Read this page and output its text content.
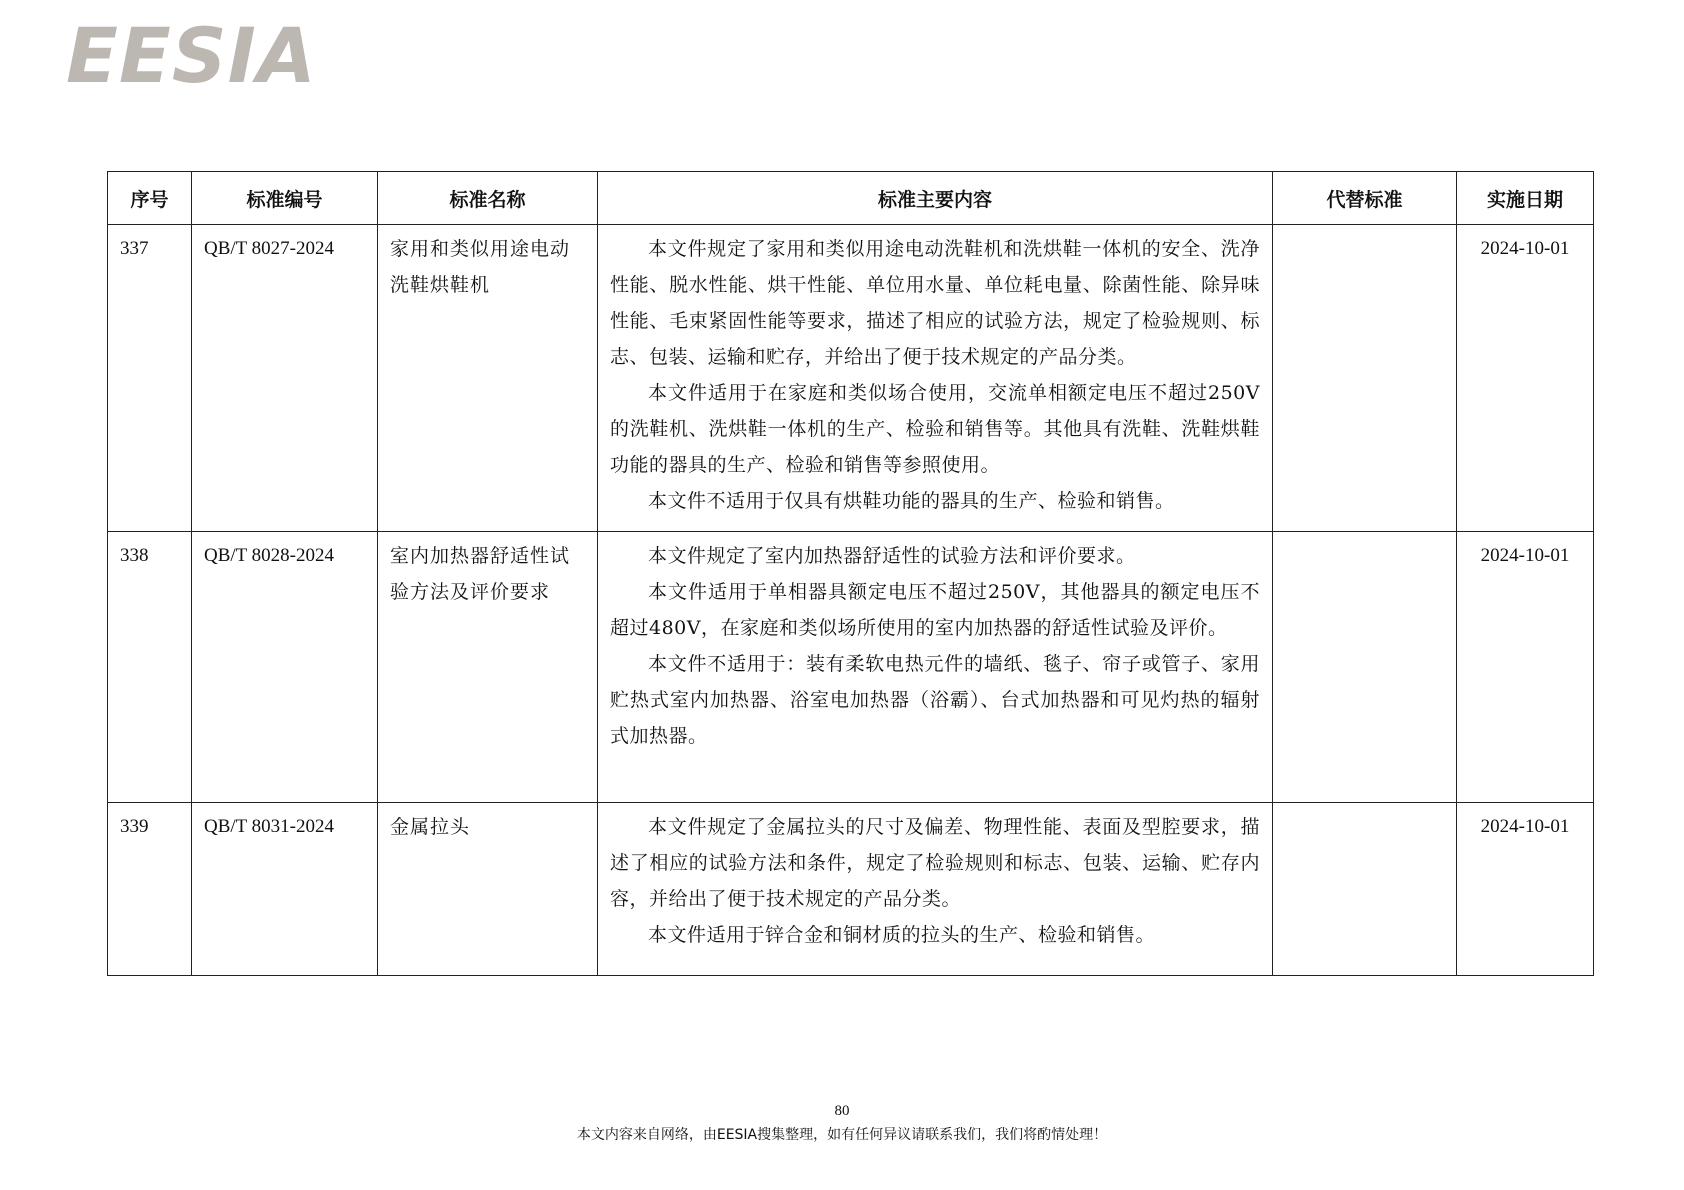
EESIA
序号	标准编号	标准名称	标准主要内容	代替标准	实施日期
337	QB/T 8027-2024	家用和类似用途电动洗鞋烘鞋机	本文件规定了家用和类似用途电动洗鞋机和洗烘鞋一体机的安全、洗净性能、脱水性能、烘干性能、单位用水量、单位耗电量、除菌性能、除异味性能、毛束紧固性能等要求，描述了相应的试验方法，规定了检验规则、标志、包装、运输和贮存，并给出了便于技术规定的产品分类。

本文件适用于在家庭和类似场合使用，交流单相额定电压不超过250V的洗鞋机、洗烘鞋一体机的生产、检验和销售等。其他具有洗鞋、洗鞋烘鞋功能的器具的生产、检验和销售等参照使用。

本文件不适用于仅具有烘鞋功能的器具的生产、检验和销售。		2024-10-01
338	QB/T 8028-2024	室内加热器舒适性试验方法及评价要求	本文件规定了室内加热器舒适性的试验方法和评价要求。

本文件适用于单相器具额定电压不超过250V，其他器具的额定电压不超过480V，在家庭和类似场所使用的室内加热器的舒适性试验及评价。

本文件不适用于：装有柔软电热元件的墙纸、毯子、帘子或管子、家用贮热式室内加热器、浴室电加热器（浴霸）、台式加热器和可见灼热的辐射式加热器。		2024-10-01
339	QB/T 8031-2024	金属拉头	本文件规定了金属拉头的尺寸及偏差、物理性能、表面及型腔要求，描述了相应的试验方法和条件，规定了检验规则和标志、包装、运输、贮存内容，并给出了便于技术规定的产品分类。

本文件适用于锌合金和铜材质的拉头的生产、检验和销售。		2024-10-01
80
本文内容来自网络，由EESIA搜集整理，如有任何异议请联系我们，我们将酌情处理！
